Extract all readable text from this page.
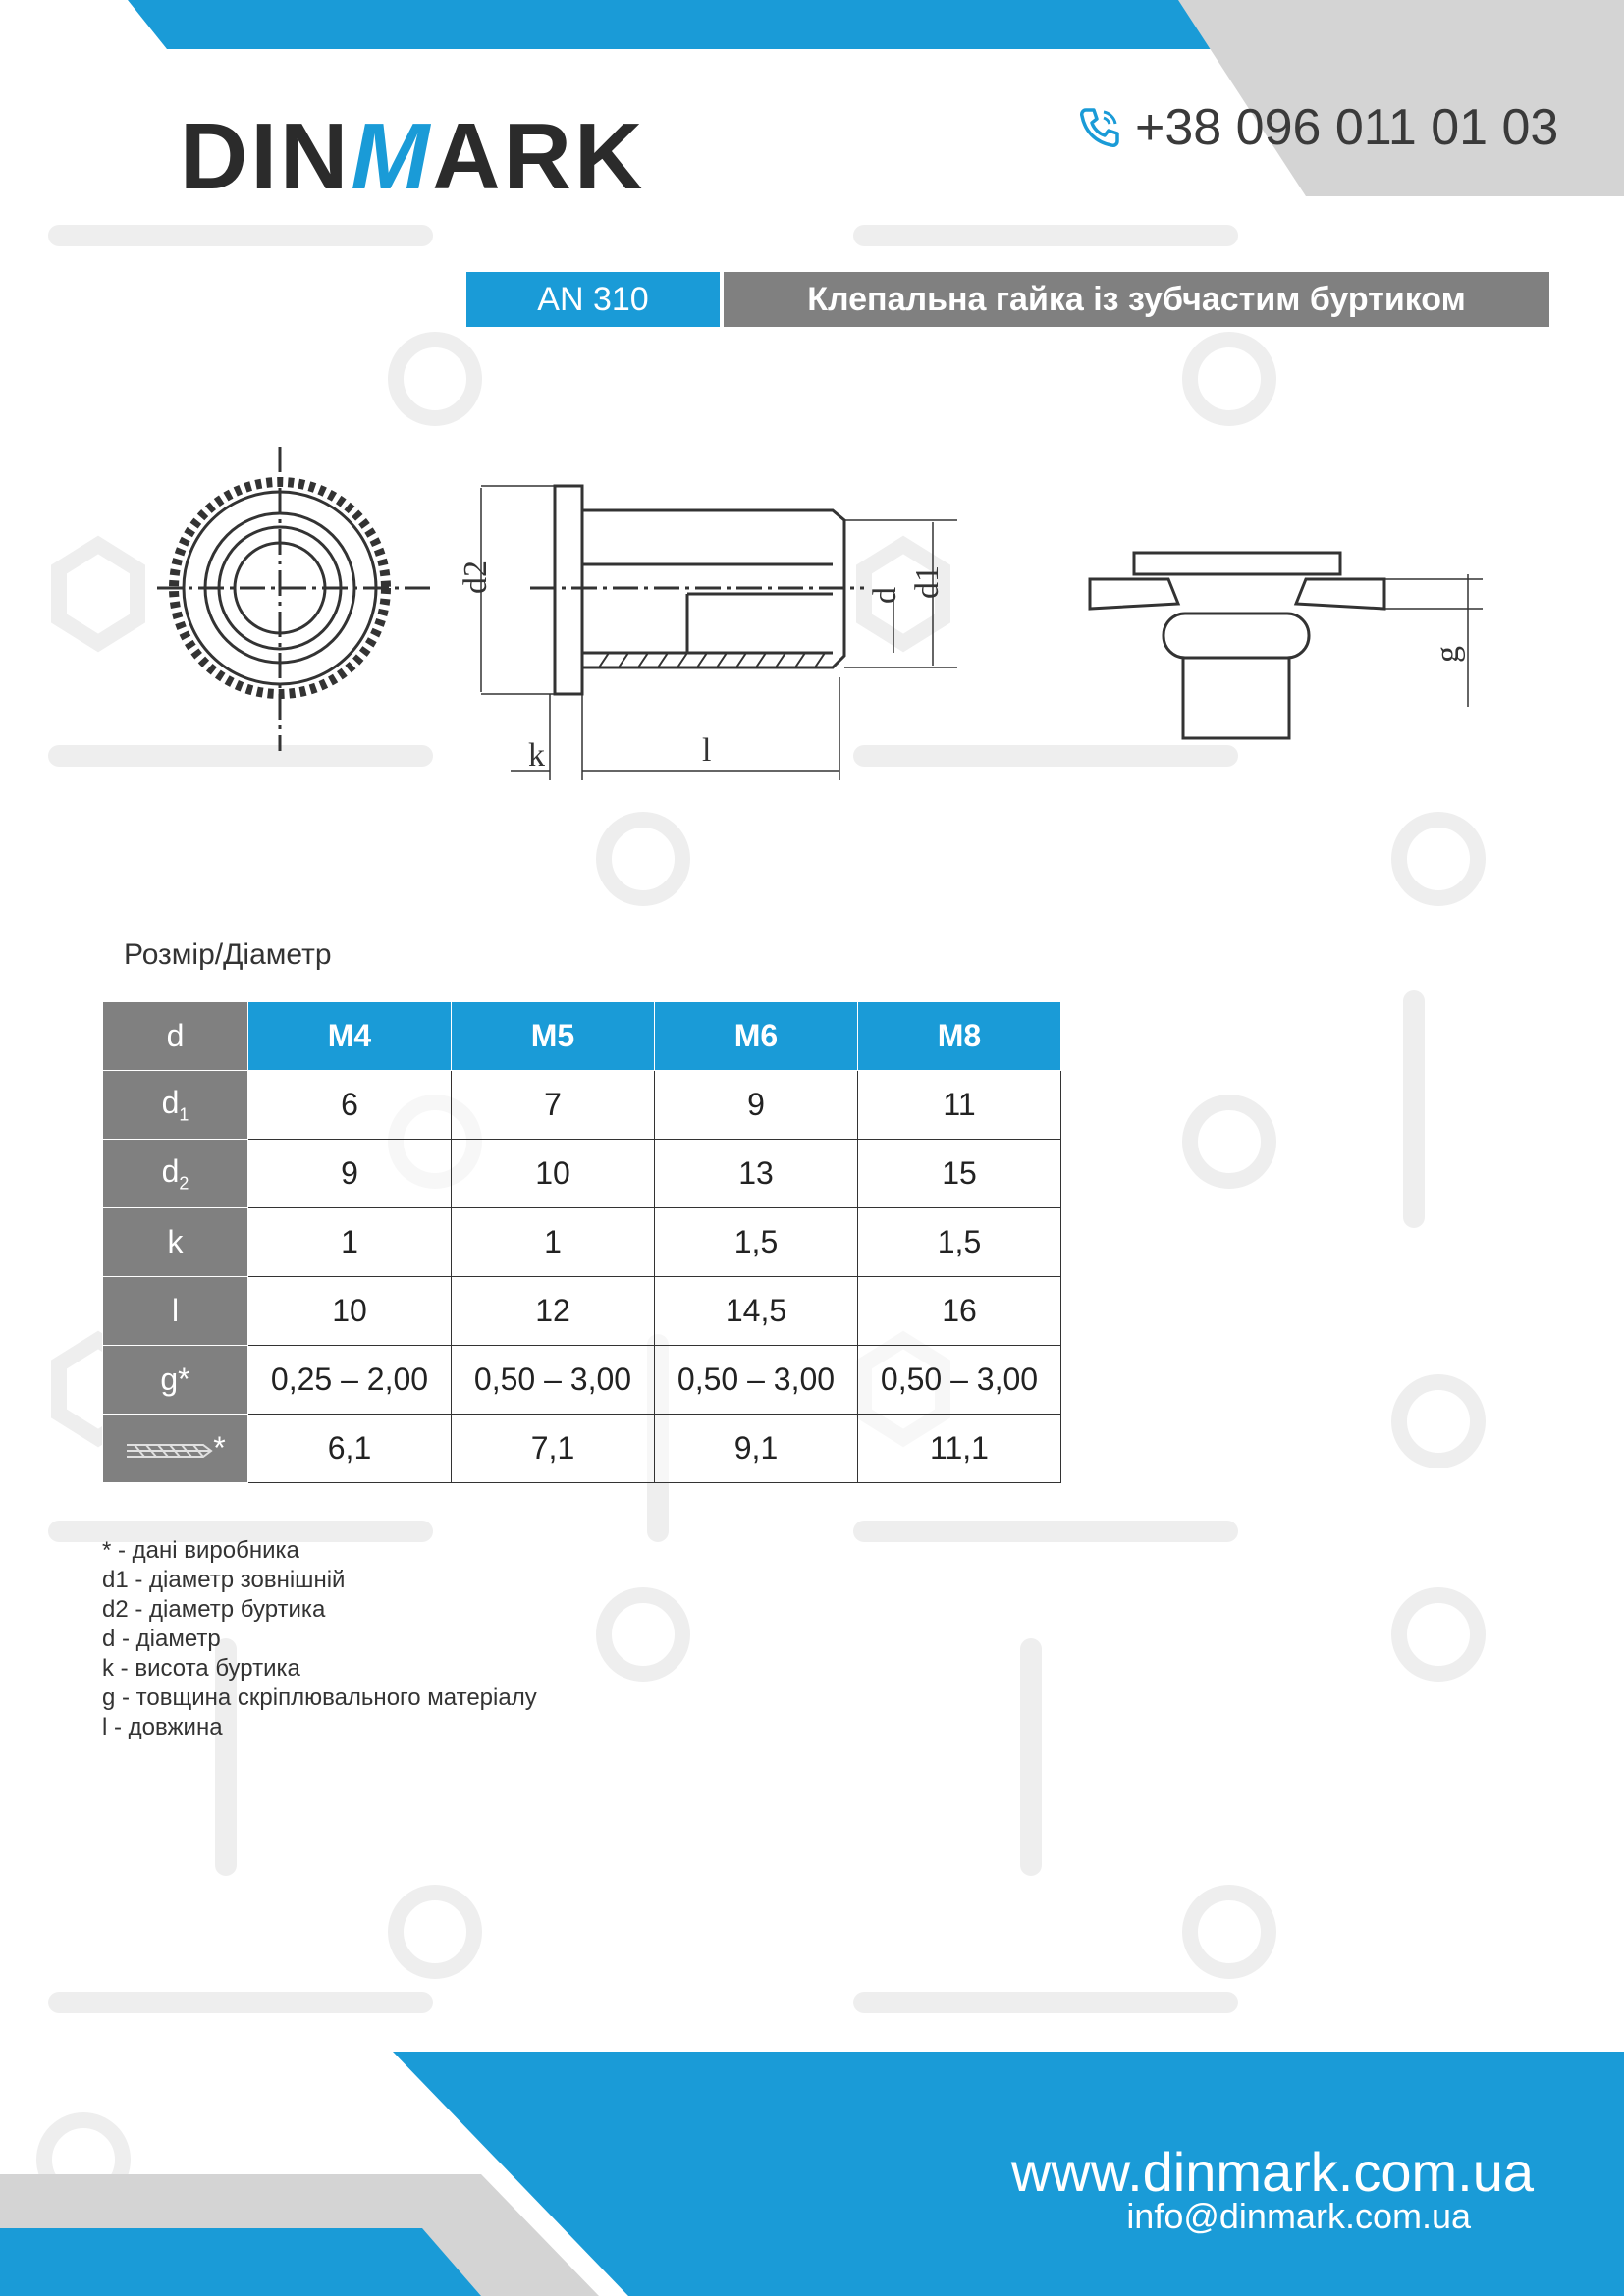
DINMARK	+38 096 011 01 03
AN 310	Клепальна гайка із зубчастим буртиком
d2
d d1
k	l
g
Розмір/Діаметр
d	M4	M5	M6	M8
$d_1$	6	7	9	11
$d_2$	9	10	13	15
k	1	1	1,5	1,5
l	10	12	14,5	16
g*	0,25 – 2,00	0,50 – 3,00	0,50 – 3,00	0,50 – 3,00
*	6,1	7,1	9,1	11,1
* - дані виробника
d1 - діаметр зовнішній
d2 - діаметр буртика
d - діаметр
k - висота буртика
g - товщина скріплювального матеріалу
l - довжина
www.dinmark.com.ua
info@dinmark.com.ua
